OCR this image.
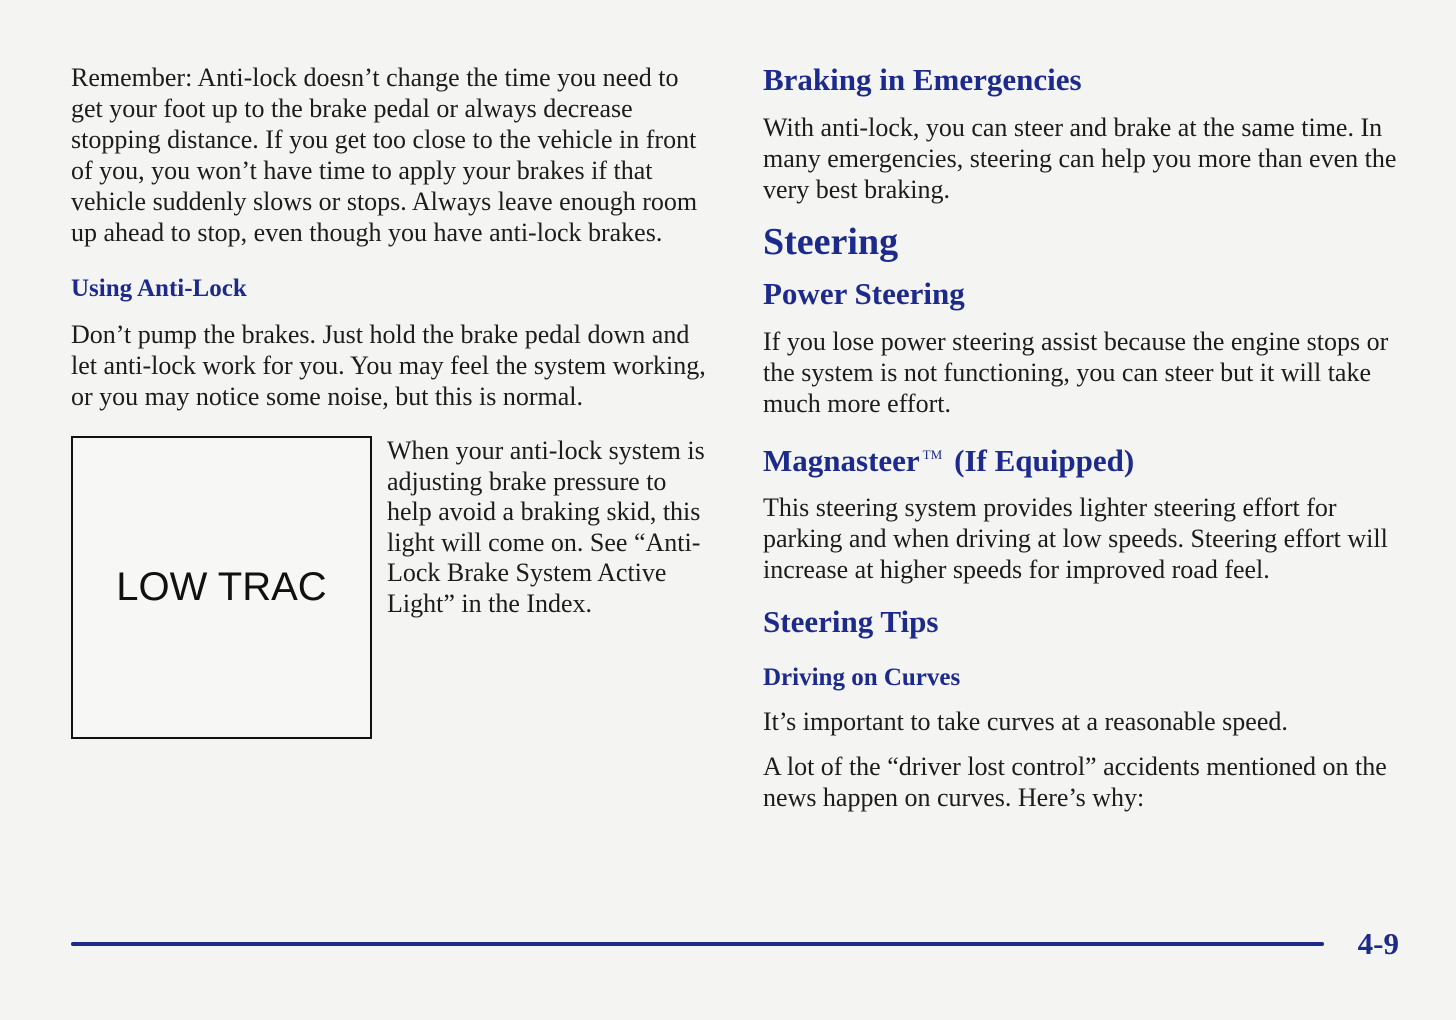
Remember: Anti-lock doesn’t change the time you need to get your foot up to the brake pedal or always decrease stopping distance. If you get too close to the vehicle in front of you, you won’t have time to apply your brakes if that vehicle suddenly slows or stops. Always leave enough room up ahead to stop, even though you have anti-lock brakes.

Using Anti-Lock

Don’t pump the brakes. Just hold the brake pedal down and let anti-lock work for you. You may feel the system working, or you may notice some noise, but this is normal.

LOW TRAC

When your anti-lock system is adjusting brake pressure to help avoid a braking skid, this light will come on. See “Anti-Lock Brake System Active Light” in the Index.

Braking in Emergencies

With anti-lock, you can steer and brake at the same time. In many emergencies, steering can help you more than even the very best braking.

Steering
Power Steering

If you lose power steering assist because the engine stops or the system is not functioning, you can steer but it will take much more effort.

Magnasteer ™ (If Equipped)

This steering system provides lighter steering effort for parking and when driving at low speeds. Steering effort will increase at higher speeds for improved road feel.

Steering Tips
Driving on Curves

It’s important to take curves at a reasonable speed.

A lot of the “driver lost control” accidents mentioned on the news happen on curves. Here’s why:

4-9
